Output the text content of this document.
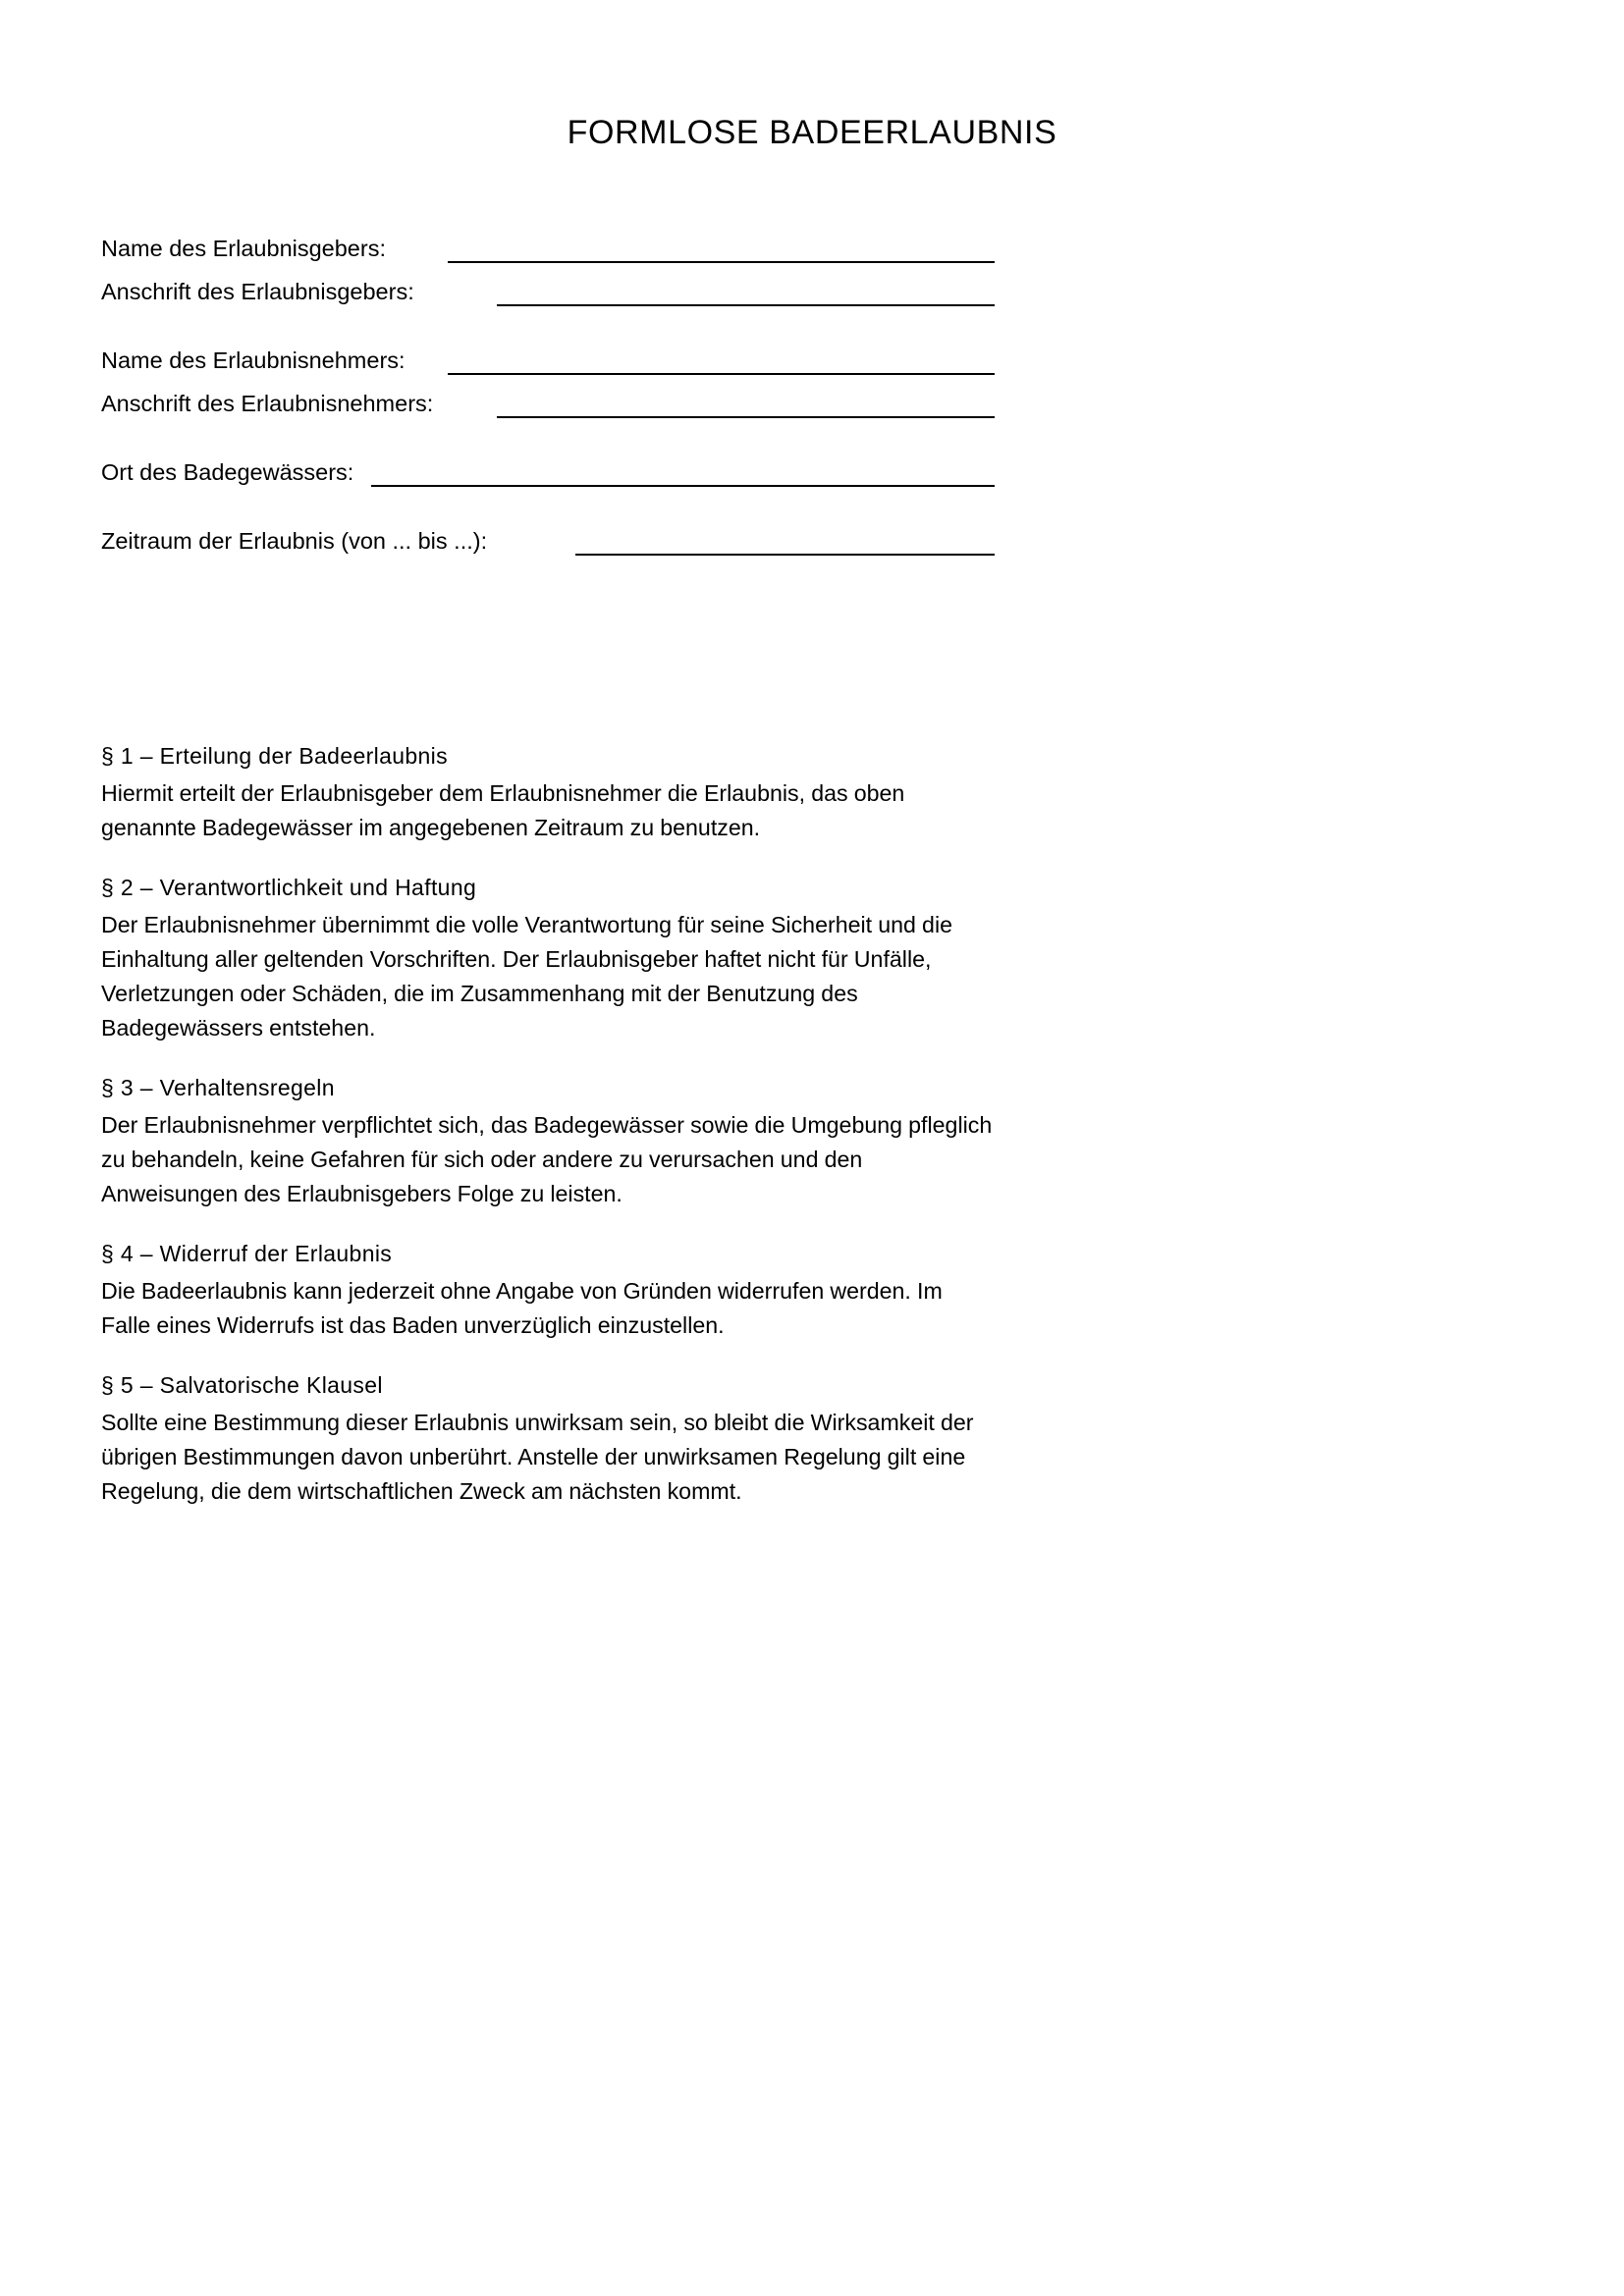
FORMLOSE BADEERLAUBNIS
Name des Erlaubnisgebers:
Anschrift des Erlaubnisgebers:
Name des Erlaubnisnehmers:
Anschrift des Erlaubnisnehmers:
Ort des Badegewässers:
Zeitraum der Erlaubnis (von ... bis ...):
§ 1 – Erteilung der Badeerlaubnis

Hiermit erteilt der Erlaubnisgeber dem Erlaubnisnehmer die Erlaubnis, das oben genannte Badegewässer im angegebenen Zeitraum zu benutzen.

§ 2 – Verantwortlichkeit und Haftung

Der Erlaubnisnehmer übernimmt die volle Verantwortung für seine Sicherheit und die Einhaltung aller geltenden Vorschriften. Der Erlaubnisgeber haftet nicht für Unfälle, Verletzungen oder Schäden, die im Zusammenhang mit der Benutzung des Badegewässers entstehen.

§ 3 – Verhaltensregeln

Der Erlaubnisnehmer verpflichtet sich, das Badegewässer sowie die Umgebung pfleglich zu behandeln, keine Gefahren für sich oder andere zu verursachen und den Anweisungen des Erlaubnisgebers Folge zu leisten.

§ 4 – Widerruf der Erlaubnis

Die Badeerlaubnis kann jederzeit ohne Angabe von Gründen widerrufen werden. Im Falle eines Widerrufs ist das Baden unverzüglich einzustellen.

§ 5 – Salvatorische Klausel

Sollte eine Bestimmung dieser Erlaubnis unwirksam sein, so bleibt die Wirksamkeit der übrigen Bestimmungen davon unberührt. Anstelle der unwirksamen Regelung gilt eine Regelung, die dem wirtschaftlichen Zweck am nächsten kommt.
